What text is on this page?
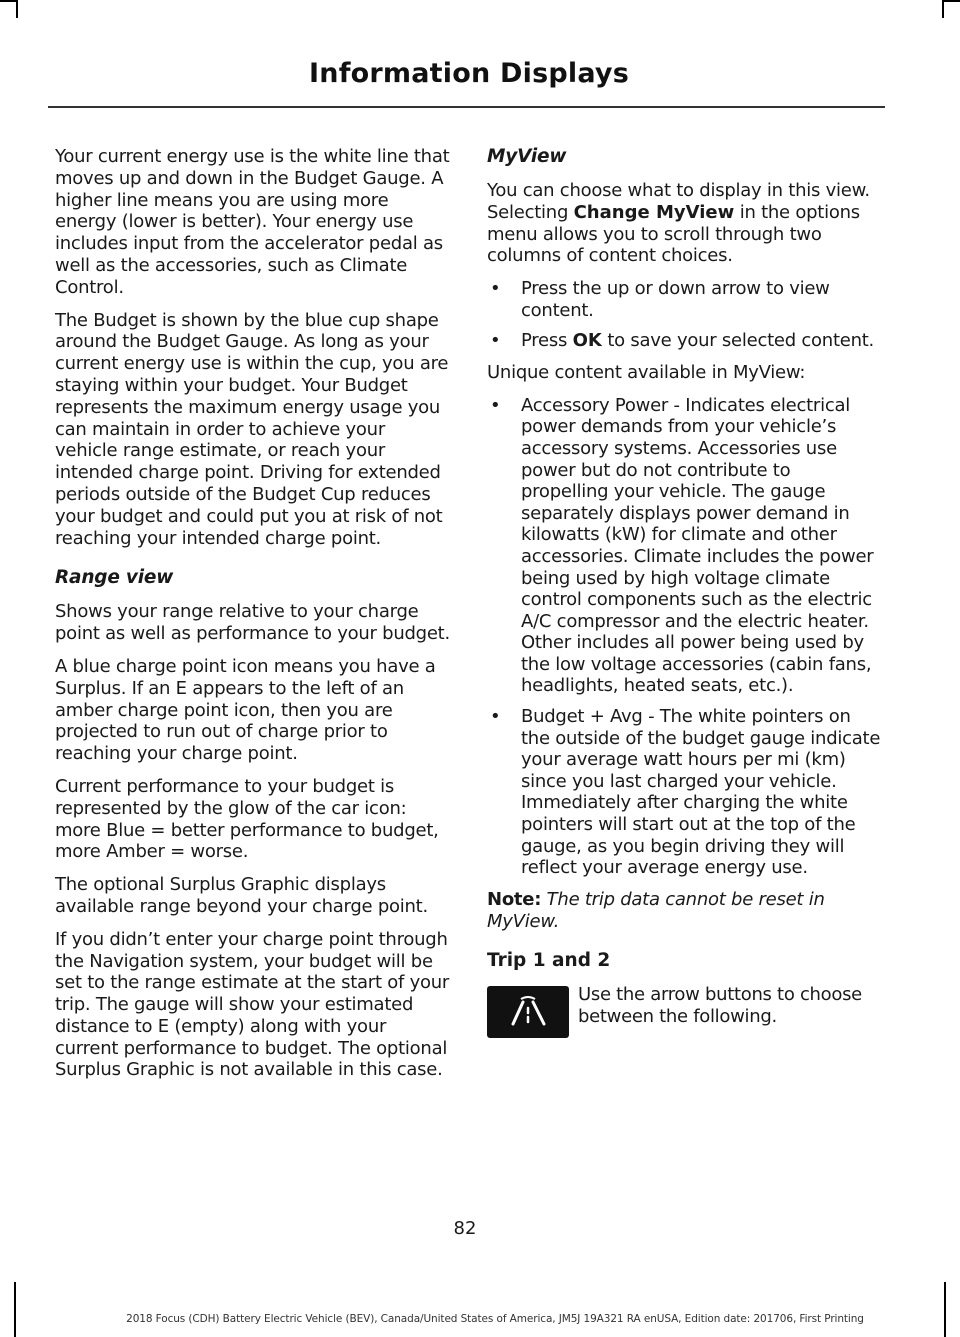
Information Displays

Your current energy use is the white line that moves up and down in the Budget Gauge. A higher line means you are using more energy (lower is better). Your energy use includes input from the accelerator pedal as well as the accessories, such as Climate Control.

The Budget is shown by the blue cup shape around the Budget Gauge. As long as your current energy use is within the cup, you are staying within your budget. Your Budget represents the maximum energy usage you can maintain in order to achieve your vehicle range estimate, or reach your intended charge point. Driving for extended periods outside of the Budget Cup reduces your budget and could put you at risk of not reaching your intended charge point.

Range view

Shows your range relative to your charge point as well as performance to your budget.

A blue charge point icon means you have a Surplus. If an E appears to the left of an amber charge point icon, then you are projected to run out of charge prior to reaching your charge point.

Current performance to your budget is represented by the glow of the car icon: more Blue = better performance to budget, more Amber = worse.

The optional Surplus Graphic displays available range beyond your charge point.

If you didn’t enter your charge point through the Navigation system, your budget will be set to the range estimate at the start of your trip. The gauge will show your estimated distance to E (empty) along with your current performance to budget. The optional Surplus Graphic is not available in this case.

MyView

You can choose what to display in this view. Selecting Change MyView in the options menu allows you to scroll through two columns of content choices.

• Press the up or down arrow to view content.
• Press OK to save your selected content.

Unique content available in MyView:

• Accessory Power - Indicates electrical power demands from your vehicle’s accessory systems. Accessories use power but do not contribute to propelling your vehicle. The gauge separately displays power demand in kilowatts (kW) for climate and other accessories. Climate includes the power being used by high voltage climate control components such as the electric A/C compressor and the electric heater. Other includes all power being used by the low voltage accessories (cabin fans, headlights, heated seats, etc.).
• Budget + Avg - The white pointers on the outside of the budget gauge indicate your average watt hours per mi (km) since you last charged your vehicle. Immediately after charging the white pointers will start out at the top of the gauge, as you begin driving they will reflect your average energy use.

Note: The trip data cannot be reset in MyView.

Trip 1 and 2
Use the arrow buttons to choose between the following.
82
2018 Focus (CDH) Battery Electric Vehicle (BEV), Canada/United States of America, JM5J 19A321 RA enUSA, Edition date: 201706, First Printing
